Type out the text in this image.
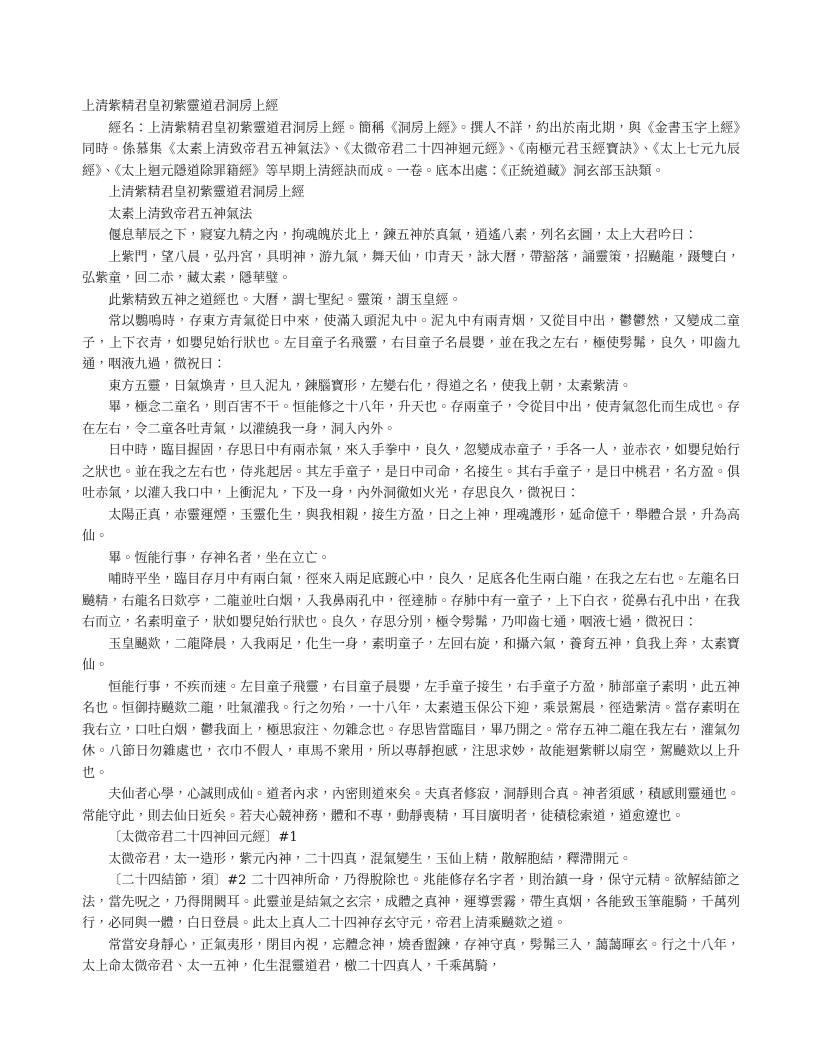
上清紫精君皇初紫靈道君洞房上經

經名：上清紫精君皇初紫靈道君洞房上經。簡稱《洞房上經》。撰人不詳，約出於南北期，與《金書玉字上經》同時。係慕集《太素上清致帝君五神氣法》、《太微帝君二十四神迴元經》、《南極元君玉經寶訣》、《太上七元九辰經》、《太上迴元隱道除罪籍經》等早期上清經訣而成。一卷。底本出處：《正統道藏》洞玄部玉訣類。

上清紫精君皇初紫靈道君洞房上經

太素上清致帝君五神氣法

偃息華辰之下，寢宴九精之內，拘魂魄於北上，鍊五神於真氣，逍遙八素，列名玄圖，太上大君吟曰：

上紫門，望八晨，弘丹宮，具明神，游九氣，舞天仙，巾青天，詠大曆，帶豁落，誦靈策，招飇龍，蹑雙白，弘紫童，回二赤，藏太素，隱華璧。

此紫精致五神之道經也。大曆，謂七聖紀。靈策，謂玉皇經。

常以鸚鳴時，存東方青氣從日中來，使滿入頭泥丸中。泥丸中有兩青烟，又從目中出，鬱鬱然，又變成二童子，上下衣青，如嬰兒始行狀也。左目童子名飛靈，右目童子名晨嬰，並在我之左右，極使髣髴，良久，叩齒九通，咽液九過，微祝曰：

東方五靈，日氣煥青，旦入泥丸，鍊腦寶形，左變右化，得道之名，使我上朝，太素紫清。

畢，極念二童名，則百害不干。恒能修之十八年，升天也。存兩童子，令從目中出，使青氣忽化而生成也。存在左右，令二童各吐青氣，以灌繞我一身，洞入內外。

日中時，臨目握固，存思日中有兩赤氣，來入手拳中，良久，忽變成赤童子，手各一人，並赤衣，如嬰兒始行之狀也。並在我之左右也，侍兆起居。其左手童子，是日中司命，名接生。其右手童子，是日中桃君，名方盈。俱吐赤氣，以灌入我口中，上衝泥丸，下及一身，內外洞徹如火光，存思良久，微祝曰：

太陽正真，赤靈運煙，玉靈化生，與我相親，接生方盈，日之上神，理魂護形，延命億千，舉體合景，升為高仙。

畢。恆能行事，存神名者，坐在立亡。

哺時平坐，臨目存月中有兩白氣，徑來入兩足底踱心中，良久，足底各化生兩白龍，在我之左右也。左龍名曰飇精，右龍名曰欻亭，二龍並吐白烟，入我鼻兩孔中，徑達肺。存肺中有一童子，上下白衣，從鼻右孔中出，在我右而立，名素明童子，狀如嬰兒始行狀也。良久，存思分別，極令髣髴，乃叩齒七通，咽液七過，微祝曰：

玉皇飇欻，二龍降晨，入我兩足，化生一身，素明童子，左回右旋，和攝六氣，養育五神，負我上奔，太素寶仙。

恒能行事，不疾而速。左目童子飛靈，右目童子晨嬰，左手童子接生，右手童子方盈，肺部童子素明，此五神名也。恒御持飇欻二龍，吐氣灌我。行之勿殆，一十八年，太素遣玉保公下迎，乘景駕晨，徑造紫清。當存素明在我右立，口吐白烟，鬱我面上，極思寂注、勿雜念也。存思皆當臨目，畢乃開之。常存五神二龍在我左右，灌氣勿休。八節日勿雜處也，衣巾不假人，車馬不衆用，所以專靜抱感，注思求妙，故能迴紫軿以扇空，駕飇欻以上升也。

夫仙者心學，心誠則成仙。道者內求，內密則道來矣。夫真者修寂，洞靜則合真。神者須感，積感則靈通也。常能守此，則去仙日近矣。若夫心競神務，體和不專，動靜喪精，耳目廣明者，徒積稔索道，道愈遼也。

〔太微帝君二十四神回元經〕#1

太微帝君，太一造形，紫元內神，二十四真，混氣變生，玉仙上精，散解胞結，釋滯開元。

〔二十四結節，須〕#2 二十四神所命，乃得脫除也。兆能修存名字者，則治鎮一身，保守元精。欲解結節之法，當先呪之，乃得開闕耳。此靈並是結氣之玄宗，成體之真神，運導雲霧，帶生真烟，各能致玉筆龍騎，千萬列行，必同與一體，白日登晨。此太上真人二十四神存玄守元，帝君上清乘飇欻之道。

常當安身靜心，正氣夷形，閉目內視，忘體念神，燒香盥鍊，存神守真，髣髴三入，藹藹暉玄。行之十八年，太上命太微帝君、太一五神，化生混靈道君，檄二十四真人，千乘萬騎，
